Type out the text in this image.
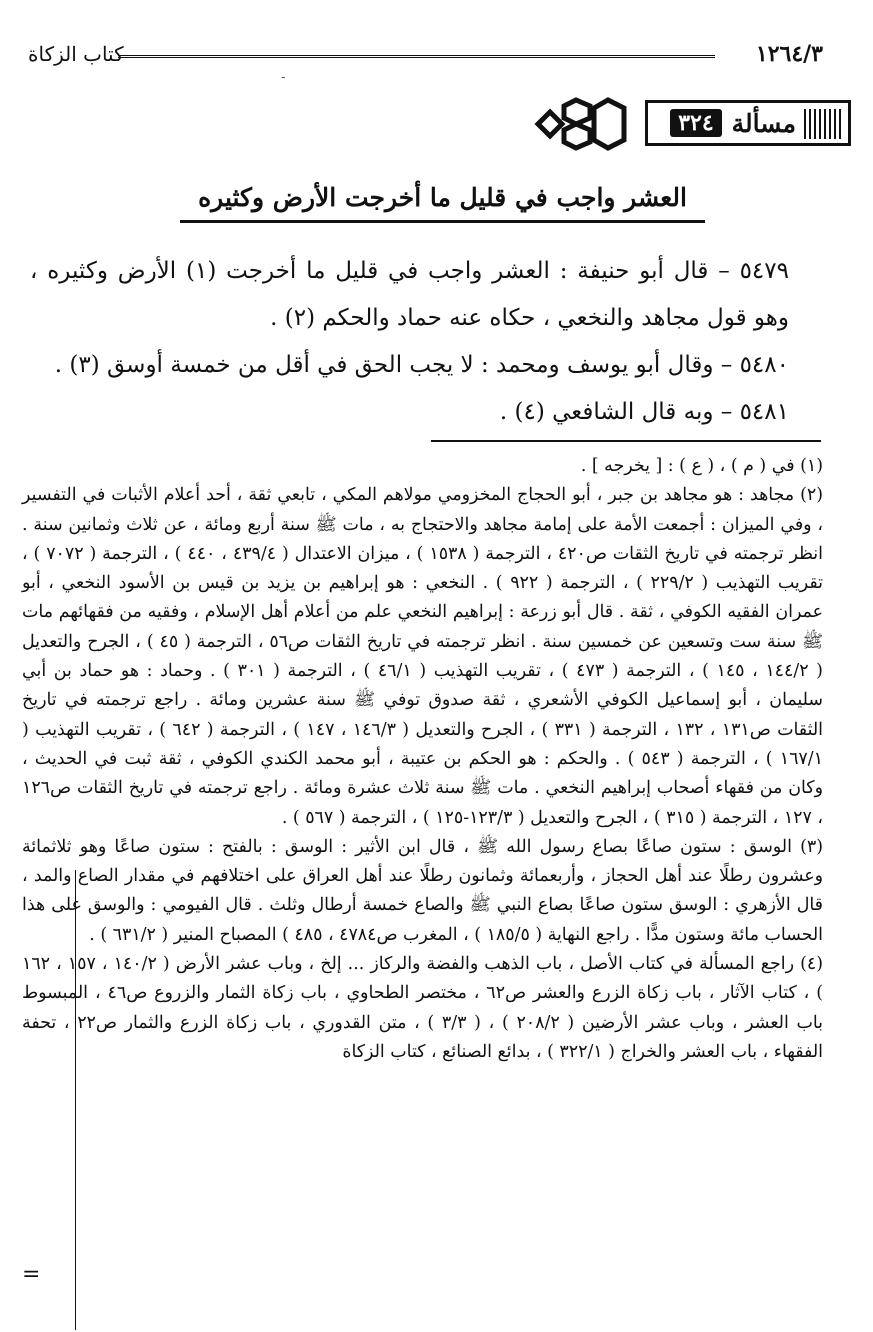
كتاب الزكاة	١٢٦٤/٣
ـ
٣٢٤ مسألة
العشر واجب في قليل ما أخرجت الأرض وكثيره

٥٤٧٩ – قال أبو حنيفة : العشر واجب في قليل ما أخرجت (١) الأرض وكثيره ، وهو قول مجاهد والنخعي ، حكاه عنه حماد والحكم (٢) .

٥٤٨٠ – وقال أبو يوسف ومحمد : لا يجب الحق في أقل من خمسة أوسق (٣) .

٥٤٨١ – وبه قال الشافعي (٤) .

(١) في ( م ) ، ( ع ) : [ يخرجه ] .

(٢) مجاهد : هو مجاهد بن جبر ، أبو الحجاج المخزومي مولاهم المكي ، تابعي ثقة ، أحد أعلام الأثبات في التفسير ، وفي الميزان : أجمعت الأمة على إمامة مجاهد والاحتجاج به ، مات ﷺ سنة أربع ومائة ، عن ثلاث وثمانين سنة . انظر ترجمته في تاريخ الثقات ص٤٢٠ ، الترجمة ( ١٥٣٨ ) ، ميزان الاعتدال ( ٤٣٩/٤ ، ٤٤٠ ) ، الترجمة ( ٧٠٧٢ ) ، تقريب التهذيب ( ٢٢٩/٢ ) ، الترجمة ( ٩٢٢ ) . النخعي : هو إبراهيم بن يزيد بن قيس بن الأسود النخعي ، أبو عمران الفقيه الكوفي ، ثقة . قال أبو زرعة : إبراهيم النخعي علم من أعلام أهل الإسلام ، وفقيه من فقهائهم مات ﷺ سنة ست وتسعين عن خمسين سنة . انظر ترجمته في تاريخ الثقات ص٥٦ ، الترجمة ( ٤٥ ) ، الجرح والتعديل ( ١٤٤/٢ ، ١٤٥ ) ، الترجمة ( ٤٧٣ ) ، تقريب التهذيب ( ٤٦/١ ) ، الترجمة ( ٣٠١ ) . وحماد : هو حماد بن أبي سليمان ، أبو إسماعيل الكوفي الأشعري ، ثقة صدوق توفي ﷺ سنة عشرين ومائة . راجع ترجمته في تاريخ الثقات ص١٣١ ، ١٣٢ ، الترجمة ( ٣٣١ ) ، الجرح والتعديل ( ١٤٦/٣ ، ١٤٧ ) ، الترجمة ( ٦٤٢ ) ، تقريب التهذيب ( ١٦٧/١ ) ، الترجمة ( ٥٤٣ ) . والحكم : هو الحكم بن عتيبة ، أبو محمد الكندي الكوفي ، ثقة ثبت في الحديث ، وكان من فقهاء أصحاب إبراهيم النخعي . مات ﷺ سنة ثلاث عشرة ومائة . راجع ترجمته في تاريخ الثقات ص١٢٦ ، ١٢٧ ، الترجمة ( ٣١٥ ) ، الجرح والتعديل ( ١٢٣/٣-١٢٥ ) ، الترجمة ( ٥٦٧ ) .

(٣) الوسق : ستون صاعًا بصاع رسول الله ﷺ ، قال ابن الأثير : الوسق : بالفتح : ستون صاعًا وهو ثلاثمائة وعشرون رطلًا عند أهل الحجاز ، وأربعمائة وثمانون رطلًا عند أهل العراق على اختلافهم في مقدار الصاع والمد ، قال الأزهري : الوسق ستون صاعًا بصاع النبي ﷺ والصاع خمسة أرطال وثلث . قال الفيومي : والوسق على هذا الحساب مائة وستون مدًّا . راجع النهاية ( ١٨٥/٥ ) ، المغرب ص٤٧٨٤ ، ٤٨٥ ) المصباح المنير ( ٦٣١/٢ ) .

(٤) راجع المسألة في كتاب الأصل ، باب الذهب والفضة والركاز ... إلخ ، وباب عشر الأرض ( ١٤٠/٢ ، ١٥٧ ، ١٦٢ ) ، كتاب الآثار ، باب زكاة الزرع والعشر ص٦٢ ، مختصر الطحاوي ، باب زكاة الثمار والزروع ص٤٦ ، المبسوط باب العشر ، وباب عشر الأرضين ( ٢٠٨/٢ ) ، ( ٣/٣ ) ، متن القدوري ، باب زكاة الزرع والثمار ص٢٢ ، تحفة الفقهاء ، باب العشر والخراج ( ٣٢٢/١ ) ، بدائع الصنائع ، كتاب الزكاة

=
